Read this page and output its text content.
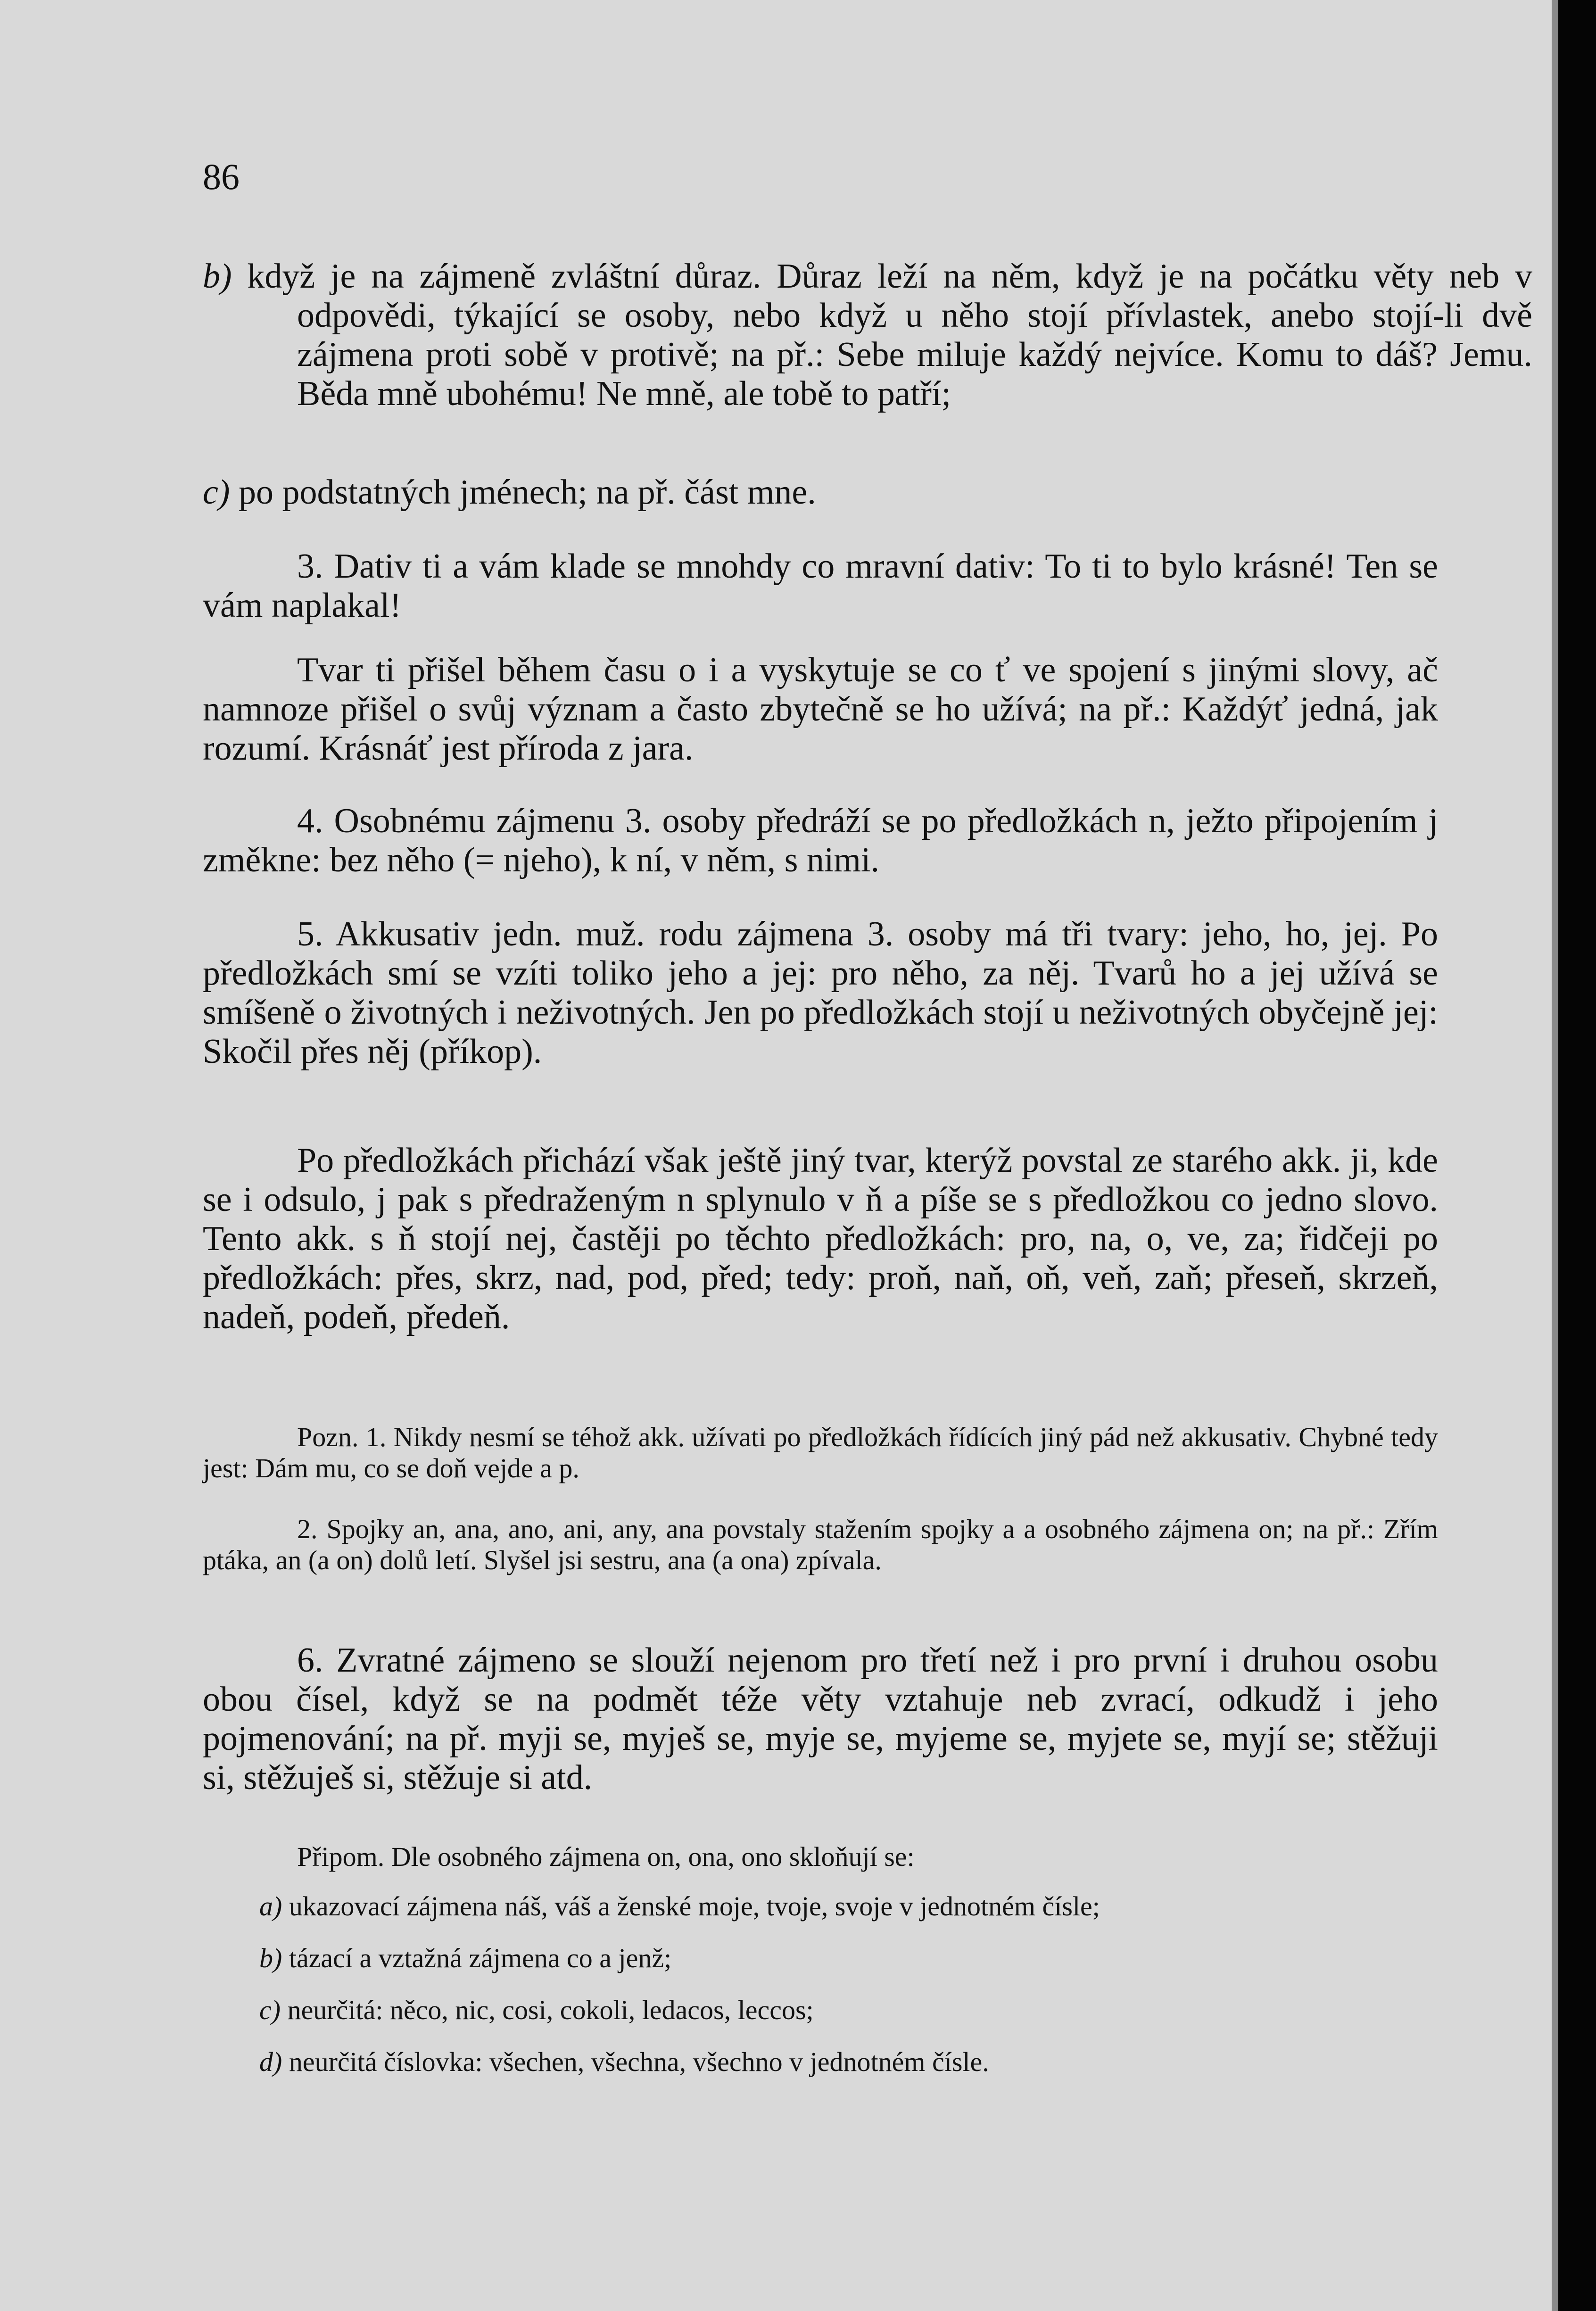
86
b) když je na zájmeně zvláštní důraz. Důraz leží na něm, když je na počátku věty neb v odpovědi, týkající se osoby, nebo když u něho stojí přívlastek, anebo stojí-li dvě zájmena proti sobě v protivě; na př.: Sebe miluje každý nejvíce. Komu to dáš? Jemu. Běda mně ubohému! Ne mně, ale tobě to patří;
c) po podstatných jménech; na př. část mne.
3. Dativ ti a vám klade se mnohdy co mravní dativ: To ti to bylo krásné! Ten se vám naplakal!
Tvar ti přišel během času o i a vyskytuje se co ť ve spojení s jinými slovy, ač namnoze přišel o svůj význam a často zbytečně se ho užívá; na př.: Každýť jedná, jak rozumí. Krásnáť jest příroda z jara.
4. Osobnému zájmenu 3. osoby předráží se po předložkách n, ježto připojením j změkne: bez něho (= njeho), k ní, v něm, s nimi.
5. Akkusativ jedn. muž. rodu zájmena 3. osoby má tři tvary: jeho, ho, jej. Po předložkách smí se vzíti toliko jeho a jej: pro něho, za něj. Tvarů ho a jej užívá se smíšeně o životných i neživotných. Jen po předložkách stojí u neživotných obyčejně jej: Skočil přes něj (příkop).
Po předložkách přichází však ještě jiný tvar, kterýž povstal ze starého akk. ji, kde se i odsulo, j pak s předraženým n splynulo v ň a píše se s předložkou co jedno slovo. Tento akk. s ň stojí nej, častěji po těchto předložkách: pro, na, o, ve, za; řidčeji po předložkách: přes, skrz, nad, pod, před; tedy: proň, naň, oň, veň, zaň; přeseň, skrzeň, nadeň, podeň, předeň.
Pozn. 1. Nikdy nesmí se téhož akk. užívati po předložkách řídících jiný pád než akkusativ. Chybné tedy jest: Dám mu, co se doň vejde a p.
2. Spojky an, ana, ano, ani, any, ana povstaly stažením spojky a a osobného zájmena on; na př.: Zřím ptáka, an (a on) dolů letí. Slyšel jsi sestru, ana (a ona) zpívala.
6. Zvratné zájmeno se slouží nejenom pro třetí než i pro první i druhou osobu obou čísel, když se na podmět téže věty vztahuje neb zvrací, odkudž i jeho pojmenování; na př. myji se, myješ se, myje se, myjeme se, myjete se, myjí se; stěžuji si, stěžuješ si, stěžuje si atd.
Připom. Dle osobného zájmena on, ona, ono skloňují se:
a) ukazovací zájmena náš, váš a ženské moje, tvoje, svoje v jednotném čísle;
b) tázací a vztažná zájmena co a jenž;
c) neurčitá: něco, nic, cosi, cokoli, ledacos, leccos;
d) neurčitá číslovka: všechen, všechna, všechno v jednotném čísle.
